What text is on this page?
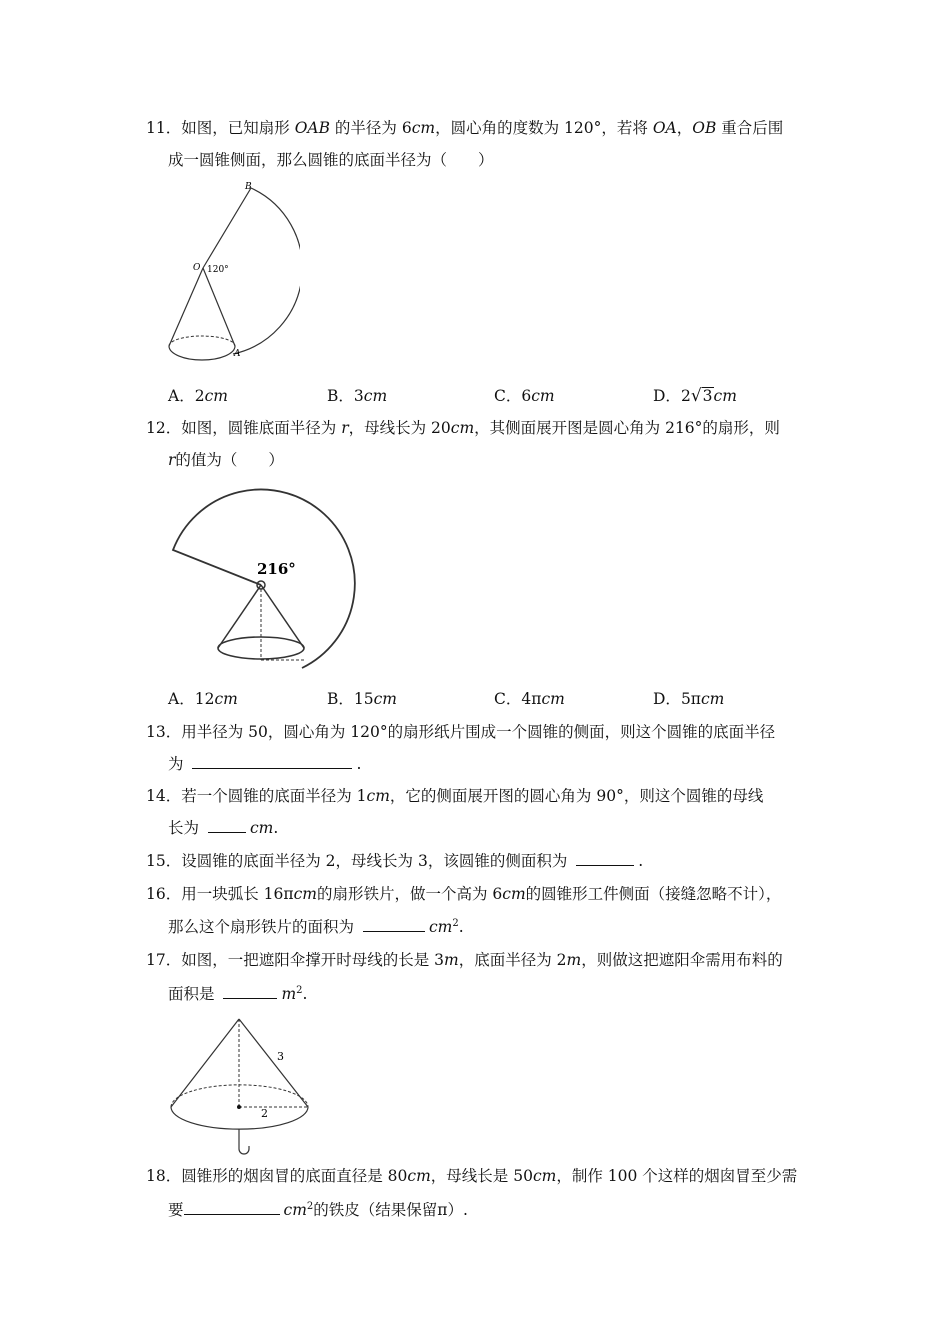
11．如图，已知扇形 OAB 的半径为 6cm，圆心角的度数为 120°，若将 OA，OB 重合后围
成一圆锥侧面，那么圆锥的底面半径为（　　）
B
O 120°
A
A．2cm	B．3cm	C．6cm	D．2√3cm
12．如图，圆锥底面半径为 r，母线长为 20cm，其侧面展开图是圆心角为 216°的扇形，则
r的值为（　　）
216°
A．12cm	B．15cm	C．4πcm	D．5πcm
13．用半径为 50，圆心角为 120°的扇形纸片围成一个圆锥的侧面，则这个圆锥的底面半径
为	.
14．若一个圆锥的底面半径为 1cm，它的侧面展开图的圆心角为 90°，则这个圆锥的母线
长为	cm.
15．设圆锥的底面半径为 2，母线长为 3，该圆锥的侧面积为	.
16．用一块弧长 16πcm的扇形铁片，做一个高为 6cm的圆锥形工件侧面（接缝忽略不计），
那么这个扇形铁片的面积为	$cm^2$.
17．如图，一把遮阳伞撑开时母线的长是 3m，底面半径为 2m，则做这把遮阳伞需用布料的
面积是	$m^2$.
3
2
18．圆锥形的烟囱冒的底面直径是 80cm，母线长是 50cm，制作 100 个这样的烟囱冒至少需
要	$cm^2$的铁皮（结果保留π）.
